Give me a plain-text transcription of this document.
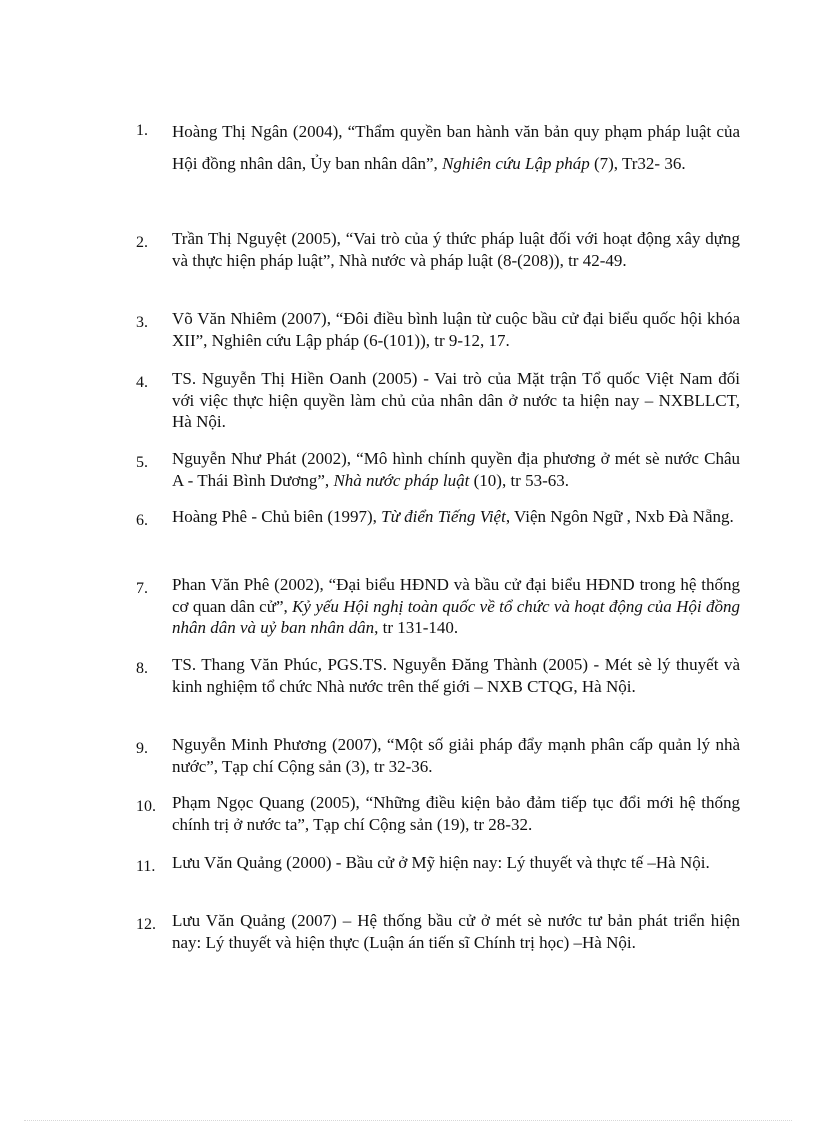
1.	Hoàng Thị Ngân (2004), “Thẩm quyền ban hành văn bản quy phạm pháp luật của Hội đồng nhân dân, Ủy ban nhân dân”, Nghiên cứu Lập pháp (7), Tr32- 36.
2.	Trần Thị Nguyệt (2005), “Vai trò của ý thức pháp luật đối với hoạt động xây dựng và thực hiện pháp luật”, Nhà nước và pháp luật (8-(208)), tr 42-49.
3.	Võ Văn Nhiêm (2007), “Đôi điều bình luận từ cuộc bầu cử đại biểu quốc hội khóa XII”, Nghiên cứu Lập pháp (6-(101)), tr 9-12, 17.
4.	TS. Nguyễn Thị Hiền Oanh (2005) - Vai trò của Mặt trận Tổ quốc Việt Nam đối với việc thực hiện quyền làm chủ của nhân dân ở nước ta hiện nay – NXBLLCT, Hà Nội.
5.	Nguyễn Như Phát (2002), “Mô hình chính quyền địa phương ở mét sè nước Châu A - Thái Bình Dương”, Nhà nước pháp luật (10), tr 53-63.
6.	Hoàng Phê - Chủ biên (1997), Từ điển Tiếng Việt, Viện Ngôn Ngữ , Nxb Đà Nẵng.
7.	Phan Văn Phê (2002), “Đại biểu HĐND và bầu cử đại biểu HĐND trong hệ thống cơ quan dân cử”, Kỷ yếu Hội nghị toàn quốc về tổ chức và hoạt động của Hội đồng nhân dân và uỷ ban nhân dân, tr 131-140.
8.	TS. Thang Văn Phúc, PGS.TS. Nguyễn Đăng Thành (2005) - Mét sè lý thuyết và kinh nghiệm tổ chức Nhà nước trên thế giới – NXB CTQG, Hà Nội.
9.	Nguyễn Minh Phương (2007), “Một số giải pháp đẩy mạnh phân cấp quản lý nhà nước”, Tạp chí Cộng sản (3), tr 32-36.
10. Phạm Ngọc Quang (2005), “Những điều kiện bảo đảm tiếp tục đổi mới hệ thống chính trị ở nước ta”, Tạp chí Cộng sản (19), tr 28-32.
11. Lưu Văn Quảng (2000) - Bầu cử ở Mỹ hiện nay: Lý thuyết và thực tế –Hà Nội.
12. Lưu Văn Quảng (2007) – Hệ thống bầu cử ở mét sè nước tư bản phát triển hiện nay: Lý thuyết và hiện thực (Luận án tiến sĩ Chính trị học) –Hà Nội.
